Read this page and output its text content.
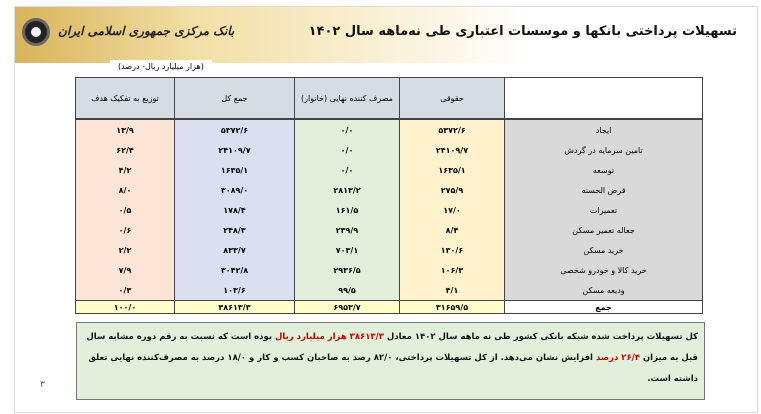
بانک مرکزی جمهوری اسلامی ایران	تسهیلات پرداختی بانکها و موسسات اعتباری طی نه‌ماهه سال ۱۴۰۲
(هزار میلیارد ریال- درصد)
	حقوقی	مصرف کننده نهایی (خانوار)	جمع کل	توزیع به تفکیک هدف
ایجاد	۵۳۷۲/۶	۰/۰	۵۳۷۲/۶	۱۳/۹
تامین سرمایه در گردش	۲۴۱۰۹/۷	۰/۰	۲۴۱۰۹/۷	۶۲/۴
توسعه	۱۶۳۵/۱	۰/۰	۱۶۳۵/۱	۴/۲
قرض الحسنه	۲۷۵/۹	۲۸۱۳/۲	۳۰۸۹/۰	۸/۰
تعمیرات	۱۷/۰	۱۶۱/۵	۱۷۸/۴	۰/۵
جعاله تعمیر مسکن	۸/۴	۲۳۹/۹	۲۴۸/۳	۰/۶
خرید مسکن	۱۳۰/۶	۷۰۳/۱	۸۳۳/۷	۲/۲
خرید کالا و خودرو شخصی	۱۰۶/۳	۲۹۳۶/۵	۳۰۴۲/۸	۷/۹
ودیعه مسکن	۴/۱	۹۹/۵	۱۰۳/۶	۰/۳
جمع	۳۱۶۵۹/۵	۶۹۵۳/۷	۳۸۶۱۳/۳	۱۰۰/۰
کل تسهیلات پرداخت شده شبکه بانکی کشور طی نه ماهه سال ۱۴۰۲ معادل ۳۸۶۱۳/۳ هزار میلیارد ریال بوده است که نسبت به رقم دوره مشابه سال قبل به میزان ۲۶/۴ درصد افزایش نشان می‌دهد. از کل تسهیلات پرداختی، ۸۲/۰ رصد به صاحبان کسب و کار و ۱۸/۰ درصد به مصرف‌کننده نهایی تعلق داشته است.
۳
